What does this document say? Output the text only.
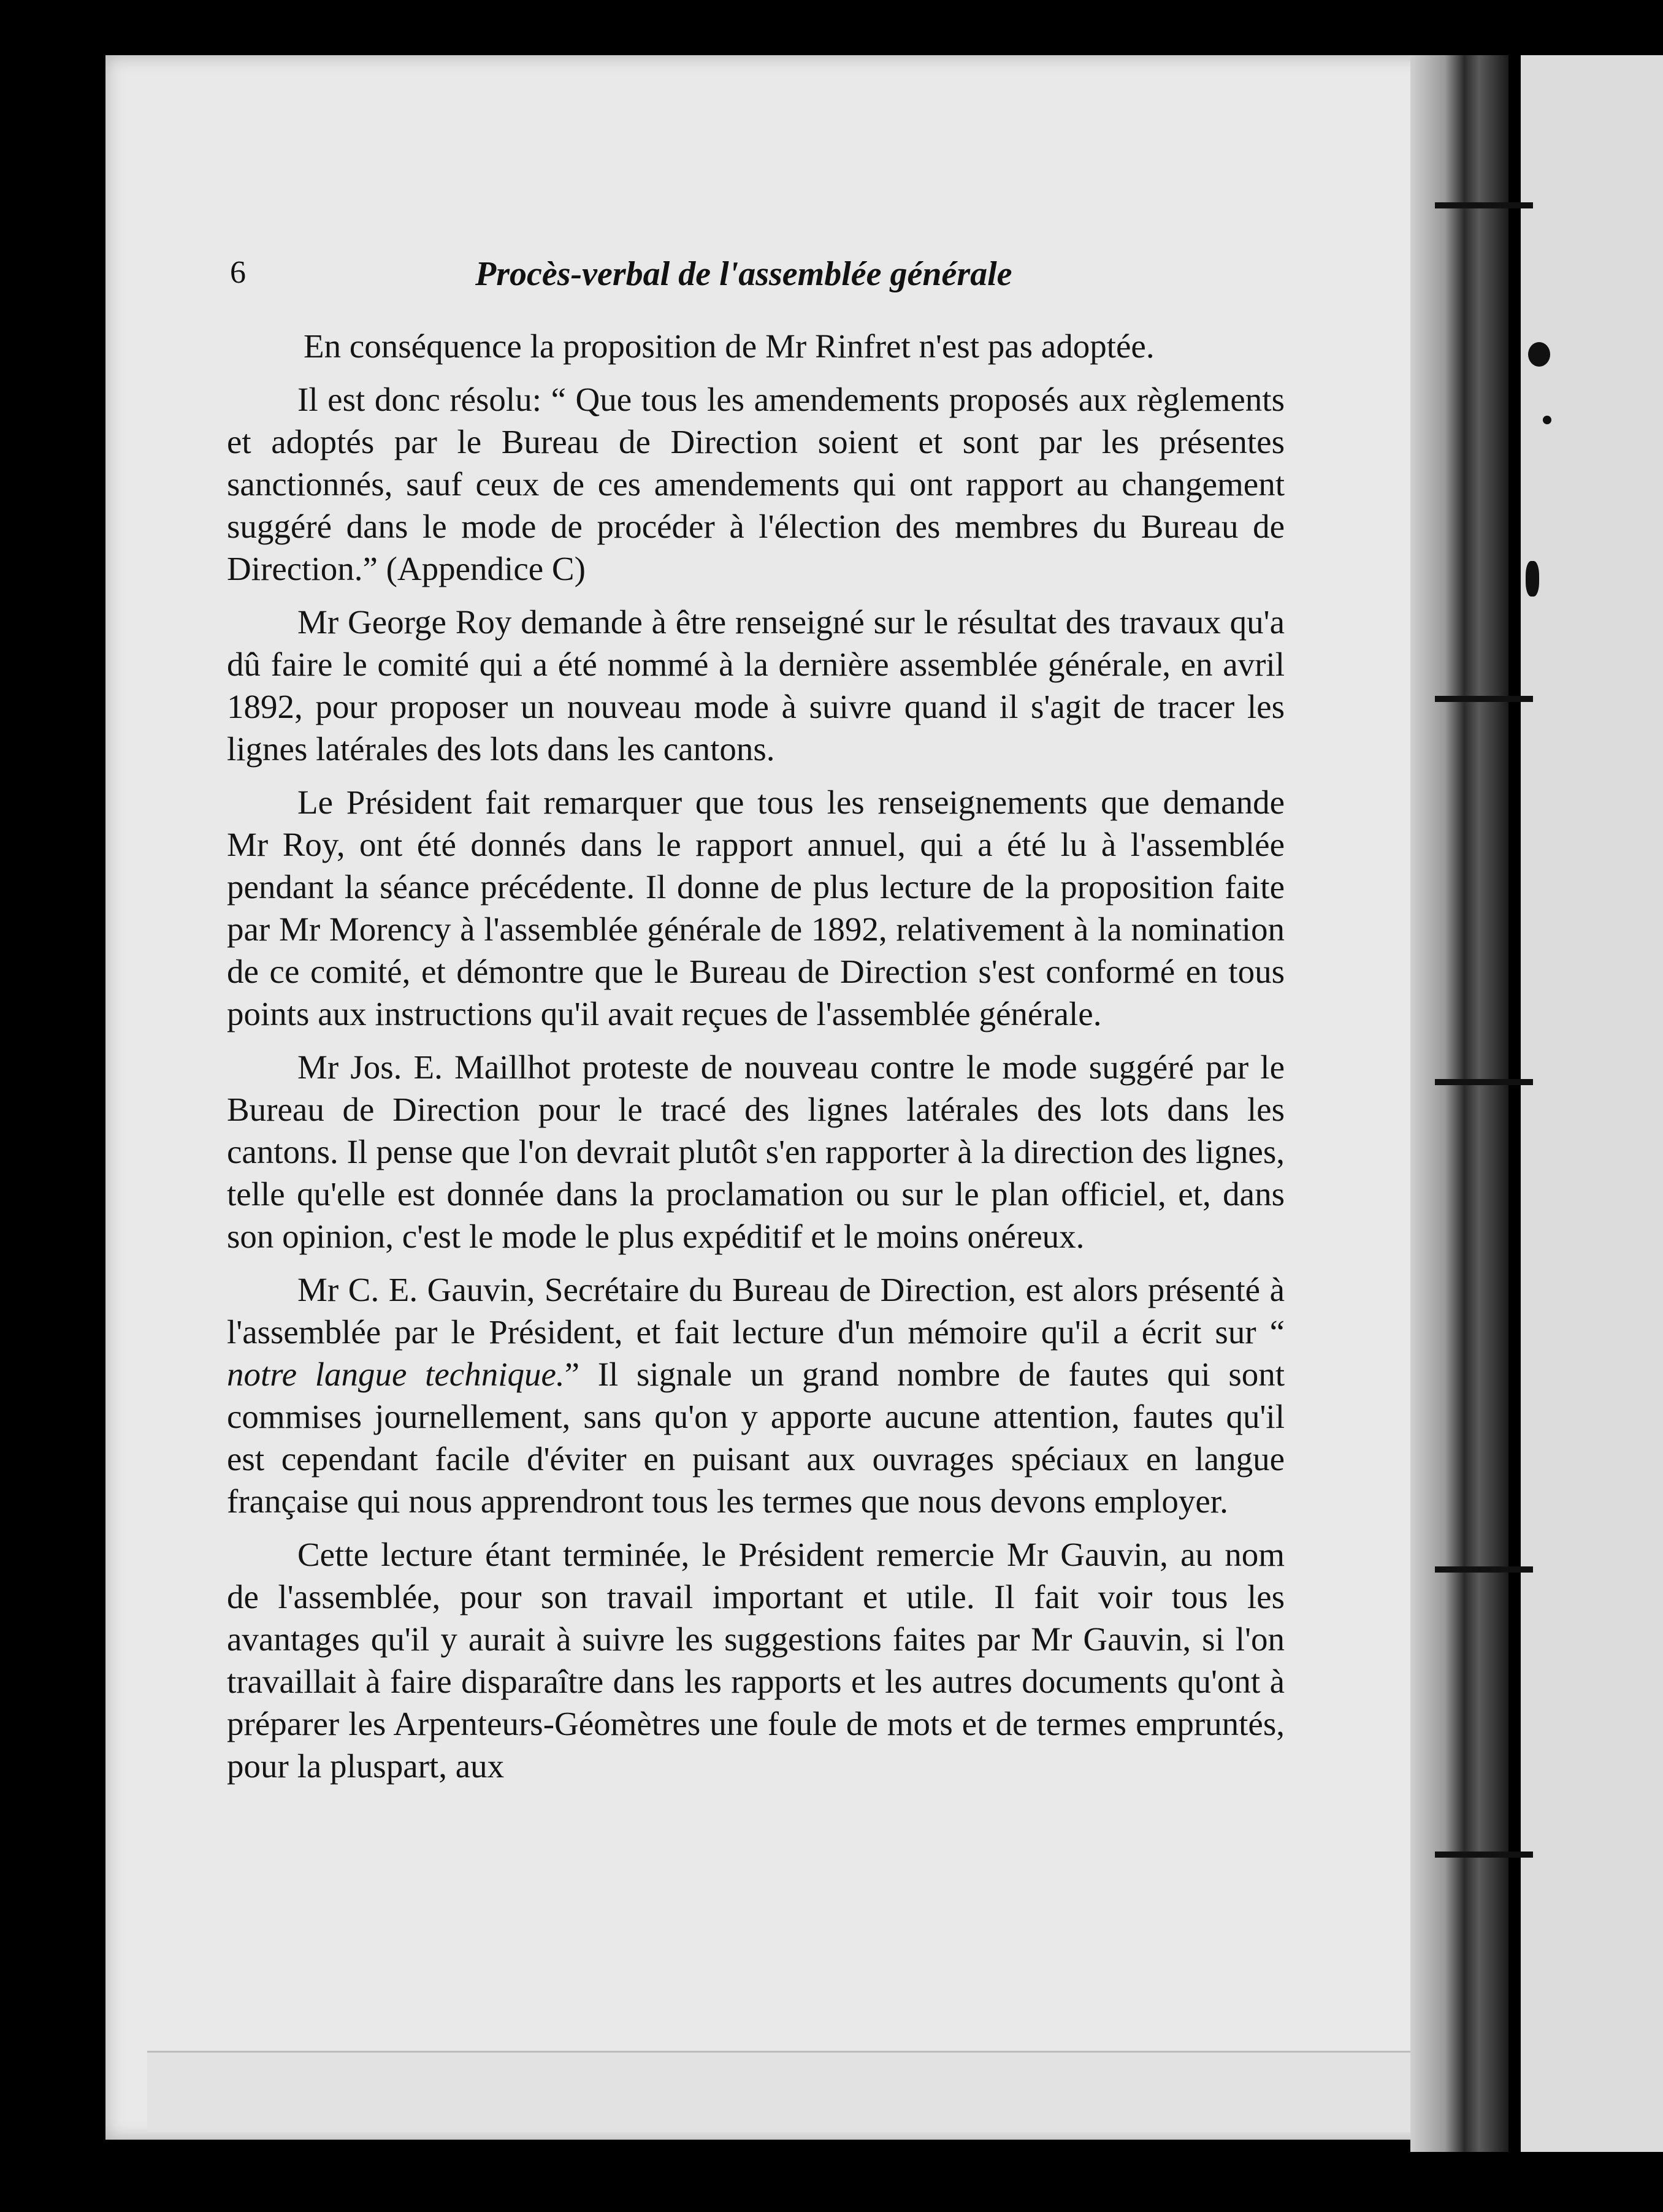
6	Procès-verbal de l'assemblée générale

En conséquence la proposition de Mr Rinfret n'est pas adoptée.

Il est donc résolu: “ Que tous les amendements proposés aux règlements et adoptés par le Bureau de Direction soient et sont par les présentes sanctionnés, sauf ceux de ces amendements qui ont rapport au changement suggéré dans le mode de procéder à l'élection des membres du Bureau de Direction.” (Appendice C)

Mr George Roy demande à être renseigné sur le résultat des travaux qu'a dû faire le comité qui a été nommé à la dernière assemblée générale, en avril 1892, pour proposer un nouveau mode à suivre quand il s'agit de tracer les lignes latérales des lots dans les cantons.

Le Président fait remarquer que tous les renseignements que demande Mr Roy, ont été donnés dans le rapport annuel, qui a été lu à l'assemblée pendant la séance précédente. Il donne de plus lecture de la proposition faite par Mr Morency à l'assemblée générale de 1892, relativement à la nomination de ce comité, et démontre que le Bureau de Direction s'est conformé en tous points aux instructions qu'il avait reçues de l'assemblée générale.

Mr Jos. E. Maillhot proteste de nouveau contre le mode suggéré par le Bureau de Direction pour le tracé des lignes latérales des lots dans les cantons. Il pense que l'on devrait plutôt s'en rapporter à la direction des lignes, telle qu'elle est donnée dans la proclamation ou sur le plan officiel, et, dans son opinion, c'est le mode le plus expéditif et le moins onéreux.

Mr C. E. Gauvin, Secrétaire du Bureau de Direction, est alors présenté à l'assemblée par le Président, et fait lecture d'un mémoire qu'il a écrit sur “ notre langue technique.” Il signale un grand nombre de fautes qui sont commises journellement, sans qu'on y apporte aucune attention, fautes qu'il est cependant facile d'éviter en puisant aux ouvrages spéciaux en langue française qui nous apprendront tous les termes que nous devons employer.

Cette lecture étant terminée, le Président remercie Mr Gauvin, au nom de l'assemblée, pour son travail important et utile. Il fait voir tous les avantages qu'il y aurait à suivre les suggestions faites par Mr Gauvin, si l'on travaillait à faire disparaître dans les rapports et les autres documents qu'ont à préparer les Arpenteurs-Géomètres une foule de mots et de termes empruntés, pour la pluspart, aux
